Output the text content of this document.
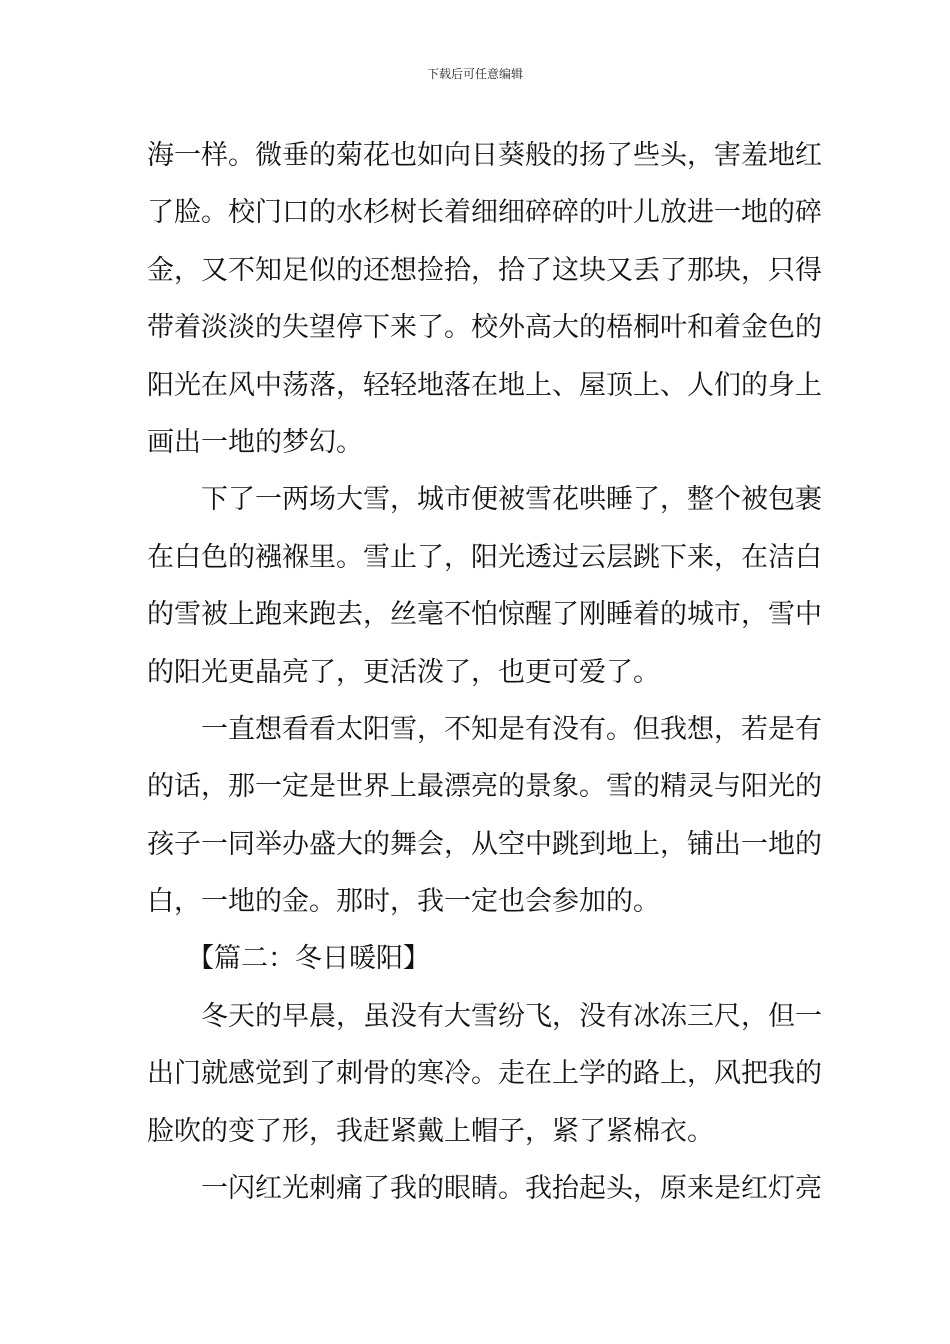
下载后可任意编辑
海一样。微垂的菊花也如向日葵般的扬了些头，害羞地红
了脸。校门口的水杉树长着细细碎碎的叶儿放进一地的碎
金，又不知足似的还想捡拾，拾了这块又丢了那块，只得
带着淡淡的失望停下来了。校外高大的梧桐叶和着金色的
阳光在风中荡落，轻轻地落在地上、屋顶上、人们的身上
画出一地的梦幻。
下了一两场大雪，城市便被雪花哄睡了，整个被包裹
在白色的襁褓里。雪止了，阳光透过云层跳下来，在洁白
的雪被上跑来跑去，丝毫不怕惊醒了刚睡着的城市，雪中
的阳光更晶亮了，更活泼了，也更可爱了。
一直想看看太阳雪，不知是有没有。但我想，若是有
的话，那一定是世界上最漂亮的景象。雪的精灵与阳光的
孩子一同举办盛大的舞会，从空中跳到地上，铺出一地的
白，一地的金。那时，我一定也会参加的。
【篇二：冬日暖阳】
冬天的早晨，虽没有大雪纷飞，没有冰冻三尺，但一
出门就感觉到了刺骨的寒冷。走在上学的路上，风把我的
脸吹的变了形，我赶紧戴上帽子，紧了紧棉衣。
一闪红光刺痛了我的眼睛。我抬起头，原来是红灯亮
